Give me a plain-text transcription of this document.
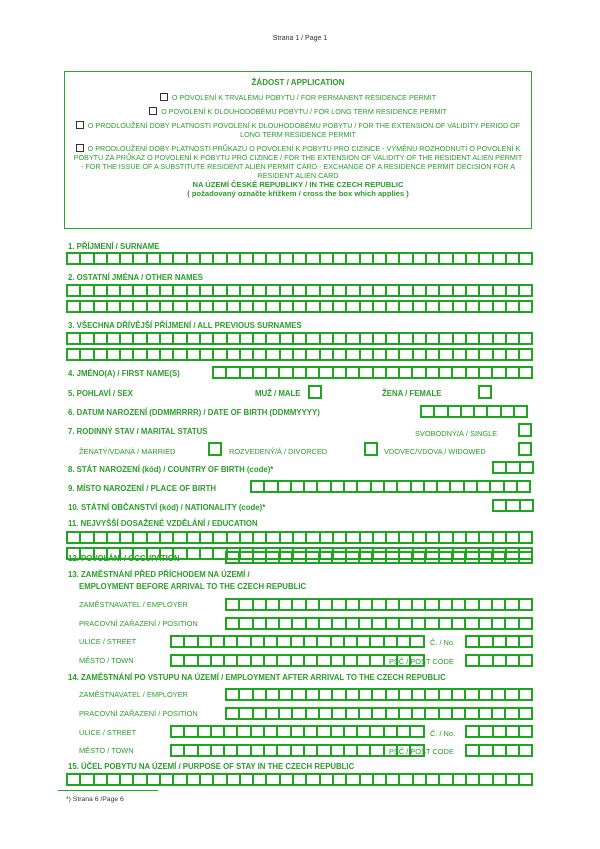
Strana 1 / Page 1
ŽÁDOST / APPLICATION
O POVOLENÍ K TRVALÉMU POBYTU / FOR PERMANENT RESIDENCE PERMIT
O POVOLENÍ K DLOUHODOBÉMU POBYTU / FOR LONG TERM RESIDENCE PERMIT
O PRODLOUŽENÍ DOBY PLATNOSTI POVOLENÍ K DLOUHODOBÉMU POBYTU / FOR THE EXTENSION OF VALIDITY PERIOD OF LONG TERM RESIDENCE PERMIT
O PRODLOUŽENÍ DOBY PLATNOSTI PRŮKAZU O POVOLENÍ K POBYTU PRO CIZINCE - VÝMĚNU ROZHODNUTÍ O POVOLENÍ K POBYTU ZA PRŮKAZ O POVOLENÍ K POBYTU PRO CIZINCE / FOR THE EXTENSION OF VALIDITY OF THE RESIDENT ALIEN PERMIT - FOR THE ISSUE OF A SUBSTITUTE RESIDENT ALIEN PERMIT CARD - EXCHANGE OF A RESIDENCE PERMIT DECISION FOR A RESIDENT ALIEN CARD
NA ÚZEMÍ ČESKÉ REPUBLIKY / IN THE CZECH REPUBLIC
( požadovaný označte křížkem / cross the box which applies )
1. PŘÍJMENÍ / SURNAME
2. OSTATNÍ JMÉNA / OTHER NAMES
3. VŠECHNA DŘÍVĚJŠÍ PŘÍJMENÍ / ALL PREVIOUS SURNAMES
4. JMÉNO(A) / FIRST NAME(S)
5. POHLAVÍ / SEX	MUŽ / MALE	ŽENA / FEMALE
6. DATUM NAROZENÍ (DDMMRRRR) / DATE OF BIRTH (DDMMYYYY)
7. RODINNÝ STAV / MARITAL STATUS	SVOBODNÝ/Á / SINGLE
ŽENATÝ/VDANÁ / MARRIED	ROZVEDENÝ/Á / DIVORCED	VDOVEC/VDOVA / WIDOWED
8. STÁT NAROZENÍ (kód) / COUNTRY OF BIRTH (code)*
9. MÍSTO NAROZENÍ / PLACE OF BIRTH
10. STÁTNÍ OBČANSTVÍ (kód) / NATIONALITY (code)*
11. NEJVYŠŠÍ DOSAŽENÉ VZDĚLÁNÍ / EDUCATION
12. POVOLÁNÍ / OCCUPATION
13. ZAMĚSTNÁNÍ PŘED PŘÍCHODEM NA ÚZEMÍ /
EMPLOYMENT BEFORE ARRIVAL TO THE CZECH REPUBLIC
ZAMĚSTNAVATEL / EMPLOYER
PRACOVNÍ ZAŘAZENÍ / POSITION
ULICE / STREET	Č. / No.
MĚSTO / TOWN	PSČ / POST CODE
14. ZAMĚSTNÁNÍ PO VSTUPU NA ÚZEMÍ / EMPLOYMENT AFTER ARRIVAL TO THE CZECH REPUBLIC
ZAMĚSTNAVATEL / EMPLOYER
PRACOVNÍ ZAŘAZENÍ / POSITION
ULICE / STREET	Č. / No.
MĚSTO / TOWN	PSČ / POST CODE
15. ÚČEL POBYTU NA ÚZEMÍ / PURPOSE OF STAY IN THE CZECH REPUBLIC
*) Strana 6 /Page 6
